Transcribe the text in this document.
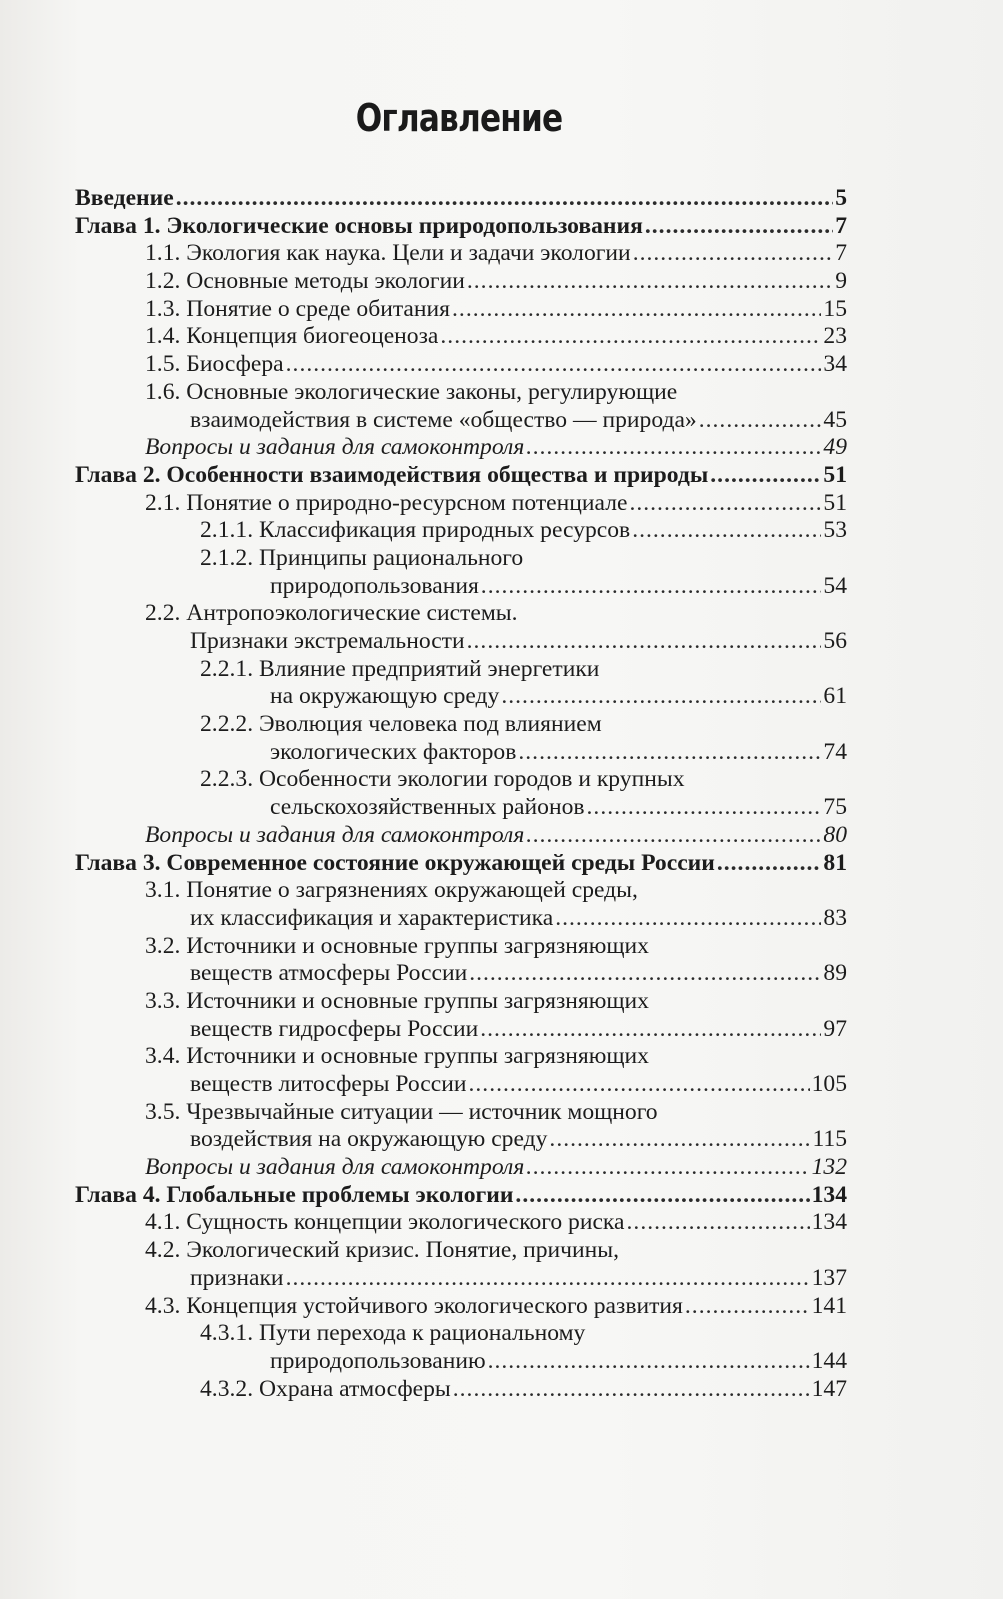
Оглавление
Введение .....	5
Глава 1. Экологические основы природопользования .....	7
1.1. Экология как наука. Цели и задачи экологии .....	7
1.2. Основные методы экологии .....	9
1.3. Понятие о среде обитания .....	15
1.4. Концепция биогеоценоза .....	23
1.5. Биосфера .....	34
1.6. Основные экологические законы, регулирующие
взаимодействия в системе «общество — природа» .....	45
Вопросы и задания для самоконтроля .....	49
Глава 2. Особенности взаимодействия общества и природы .....	51
2.1. Понятие о природно-ресурсном потенциале .....	51
2.1.1. Классификация природных ресурсов .....	53
2.1.2. Принципы рационального
природопользования .....	54
2.2. Антропоэкологические системы.
Признаки экстремальности .....	56
2.2.1. Влияние предприятий энергетики
на окружающую среду .....	61
2.2.2. Эволюция человека под влиянием
экологических факторов .....	74
2.2.3. Особенности экологии городов и крупных
сельскохозяйственных районов .....	75
Вопросы и задания для самоконтроля .....	80
Глава 3. Современное состояние окружающей среды России .....	81
3.1. Понятие о загрязнениях окружающей среды,
их классификация и характеристика .....	83
3.2. Источники и основные группы загрязняющих
веществ атмосферы России .....	89
3.3. Источники и основные группы загрязняющих
веществ гидросферы России .....	97
3.4. Источники и основные группы загрязняющих
веществ литосферы России .....	105
3.5. Чрезвычайные ситуации — источник мощного
воздействия на окружающую среду .....	115
Вопросы и задания для самоконтроля .....	132
Глава 4. Глобальные проблемы экологии .....	134
4.1. Сущность концепции экологического риска .....	134
4.2. Экологический кризис. Понятие, причины,
признаки .....	137
4.3. Концепция устойчивого экологического развития .....	141
4.3.1. Пути перехода к рациональному
природопользованию .....	144
4.3.2. Охрана атмосферы .....	147
